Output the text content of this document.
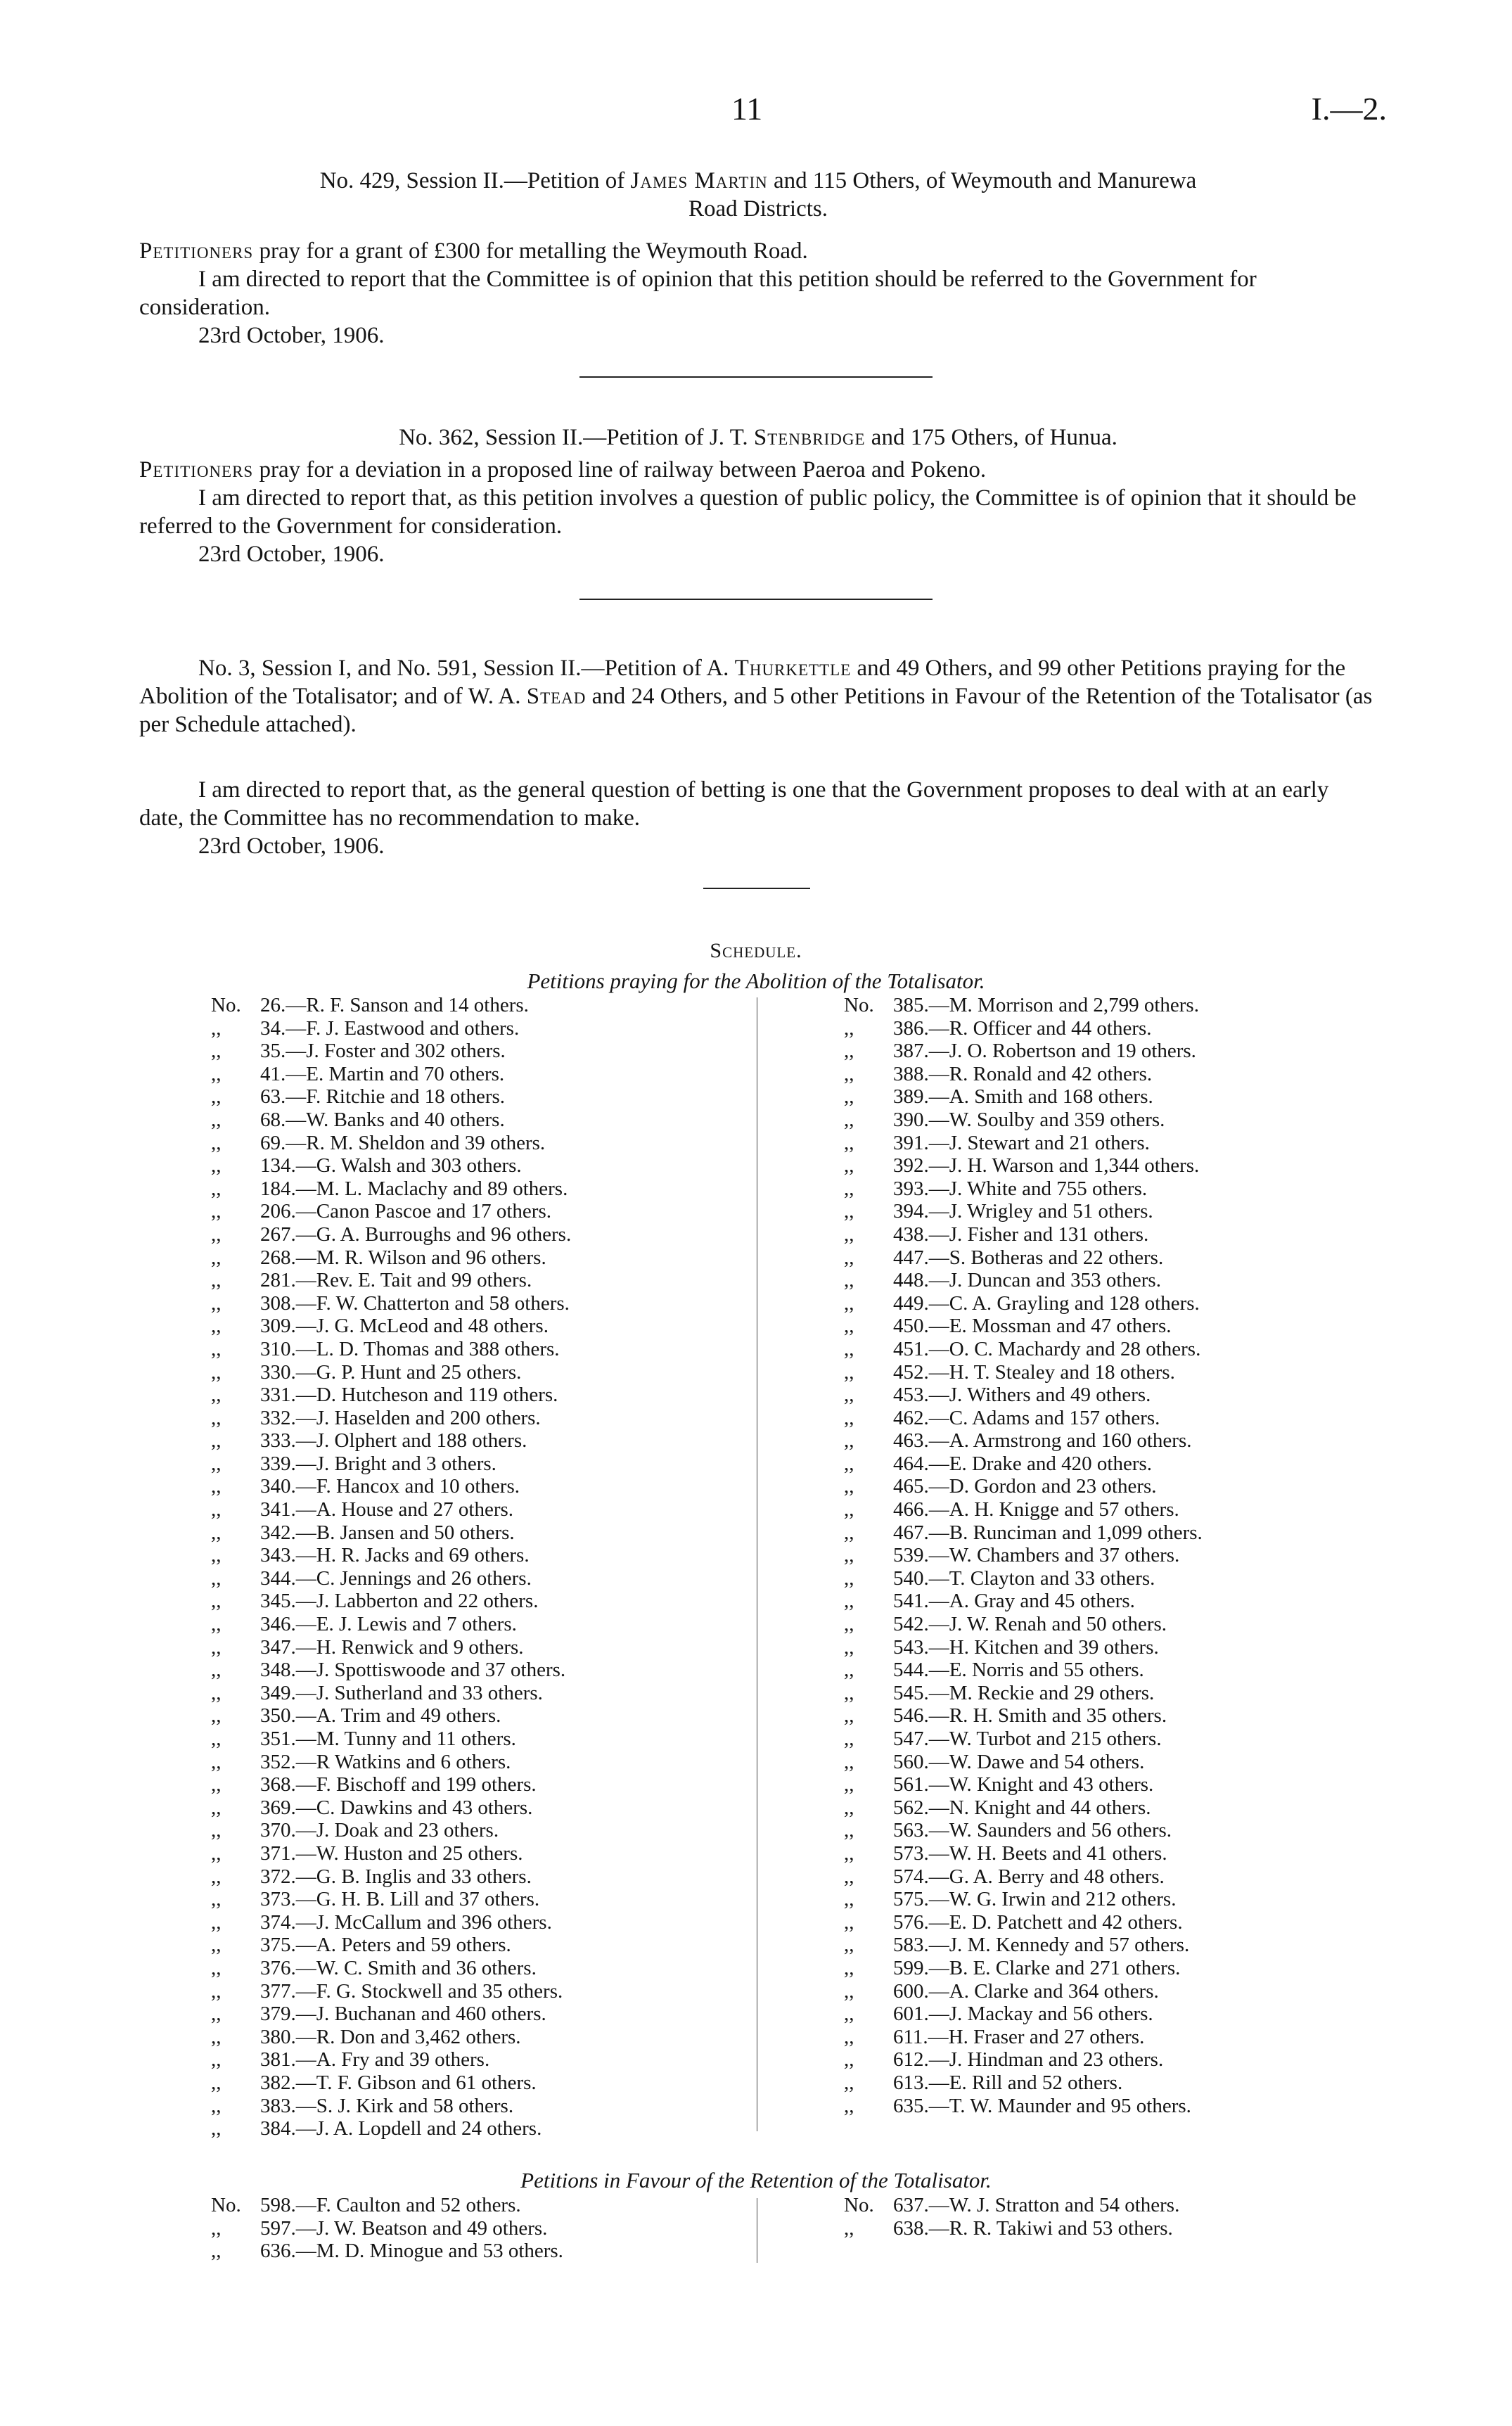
11	I.—2.
No. 429, Session II.—Petition of James Martin and 115 Others, of Weymouth and Manurewa
Road Districts.
Petitioners pray for a grant of £300 for metalling the Weymouth Road.
I am directed to report that the Committee is of opinion that this petition should be referred to the Government for consideration.
23rd October, 1906.
No. 362, Session II.—Petition of J. T. Stenbridge and 175 Others, of Hunua.
Petitioners pray for a deviation in a proposed line of railway between Paeroa and Pokeno.
I am directed to report that, as this petition involves a question of public policy, the Committee is of opinion that it should be referred to the Government for consideration.
23rd October, 1906.
No. 3, Session I, and No. 591, Session II.—Petition of A. Thurkettle and 49 Others, and 99 other Petitions praying for the Abolition of the Totalisator; and of W. A. Stead and 24 Others, and 5 other Petitions in Favour of the Retention of the Totalisator (as per Schedule attached).
I am directed to report that, as the general question of betting is one that the Government proposes to deal with at an early date, the Committee has no recommendation to make.
23rd October, 1906.
Schedule.
Petitions praying for the Abolition of the Totalisator.
No. 26.—R. F. Sanson and 14 others.
,, 34.—F. J. Eastwood and others.
,, 35.—J. Foster and 302 others.
,, 41.—E. Martin and 70 others.
,, 63.—F. Ritchie and 18 others.
,, 68.—W. Banks and 40 others.
,, 69.—R. M. Sheldon and 39 others.
,, 134.—G. Walsh and 303 others.
,, 184.—M. L. Maclachy and 89 others.
,, 206.—Canon Pascoe and 17 others.
,, 267.—G. A. Burroughs and 96 others.
,, 268.—M. R. Wilson and 96 others.
,, 281.—Rev. E. Tait and 99 others.
,, 308.—F. W. Chatterton and 58 others.
,, 309.—J. G. McLeod and 48 others.
,, 310.—L. D. Thomas and 388 others.
,, 330.—G. P. Hunt and 25 others.
,, 331.—D. Hutcheson and 119 others.
,, 332.—J. Haselden and 200 others.
,, 333.—J. Olphert and 188 others.
,, 339.—J. Bright and 3 others.
,, 340.—F. Hancox and 10 others.
,, 341.—A. House and 27 others.
,, 342.—B. Jansen and 50 others.
,, 343.—H. R. Jacks and 69 others.
,, 344.—C. Jennings and 26 others.
,, 345.—J. Labberton and 22 others.
,, 346.—E. J. Lewis and 7 others.
,, 347.—H. Renwick and 9 others.
,, 348.—J. Spottiswoode and 37 others.
,, 349.—J. Sutherland and 33 others.
,, 350.—A. Trim and 49 others.
,, 351.—M. Tunny and 11 others.
,, 352.—R Watkins and 6 others.
,, 368.—F. Bischoff and 199 others.
,, 369.—C. Dawkins and 43 others.
,, 370.—J. Doak and 23 others.
,, 371.—W. Huston and 25 others.
,, 372.—G. B. Inglis and 33 others.
,, 373.—G. H. B. Lill and 37 others.
,, 374.—J. McCallum and 396 others.
,, 375.—A. Peters and 59 others.
,, 376.—W. C. Smith and 36 others.
,, 377.—F. G. Stockwell and 35 others.
,, 379.—J. Buchanan and 460 others.
,, 380.—R. Don and 3,462 others.
,, 381.—A. Fry and 39 others.
,, 382.—T. F. Gibson and 61 others.
,, 383.—S. J. Kirk and 58 others.
,, 384.—J. A. Lopdell and 24 others.
No. 385.—M. Morrison and 2,799 others.
,, 386.—R. Officer and 44 others.
,, 387.—J. O. Robertson and 19 others.
,, 388.—R. Ronald and 42 others.
,, 389.—A. Smith and 168 others.
,, 390.—W. Soulby and 359 others.
,, 391.—J. Stewart and 21 others.
,, 392.—J. H. Warson and 1,344 others.
,, 393.—J. White and 755 others.
,, 394.—J. Wrigley and 51 others.
,, 438.—J. Fisher and 131 others.
,, 447.—S. Botheras and 22 others.
,, 448.—J. Duncan and 353 others.
,, 449.—C. A. Grayling and 128 others.
,, 450.—E. Mossman and 47 others.
,, 451.—O. C. Machardy and 28 others.
,, 452.—H. T. Stealey and 18 others.
,, 453.—J. Withers and 49 others.
,, 462.—C. Adams and 157 others.
,, 463.—A. Armstrong and 160 others.
,, 464.—E. Drake and 420 others.
,, 465.—D. Gordon and 23 others.
,, 466.—A. H. Knigge and 57 others.
,, 467.—B. Runciman and 1,099 others.
,, 539.—W. Chambers and 37 others.
,, 540.—T. Clayton and 33 others.
,, 541.—A. Gray and 45 others.
,, 542.—J. W. Renah and 50 others.
,, 543.—H. Kitchen and 39 others.
,, 544.—E. Norris and 55 others.
,, 545.—M. Reckie and 29 others.
,, 546.—R. H. Smith and 35 others.
,, 547.—W. Turbot and 215 others.
,, 560.—W. Dawe and 54 others.
,, 561.—W. Knight and 43 others.
,, 562.—N. Knight and 44 others.
,, 563.—W. Saunders and 56 others.
,, 573.—W. H. Beets and 41 others.
,, 574.—G. A. Berry and 48 others.
,, 575.—W. G. Irwin and 212 others.
,, 576.—E. D. Patchett and 42 others.
,, 583.—J. M. Kennedy and 57 others.
,, 599.—B. E. Clarke and 271 others.
,, 600.—A. Clarke and 364 others.
,, 601.—J. Mackay and 56 others.
,, 611.—H. Fraser and 27 others.
,, 612.—J. Hindman and 23 others.
,, 613.—E. Rill and 52 others.
,, 635.—T. W. Maunder and 95 others.
Petitions in Favour of the Retention of the Totalisator.
No. 598.—F. Caulton and 52 others.
,, 597.—J. W. Beatson and 49 others.
,, 636.—M. D. Minogue and 53 others.
No. 637.—W. J. Stratton and 54 others.
,, 638.—R. R. Takiwi and 53 others.
